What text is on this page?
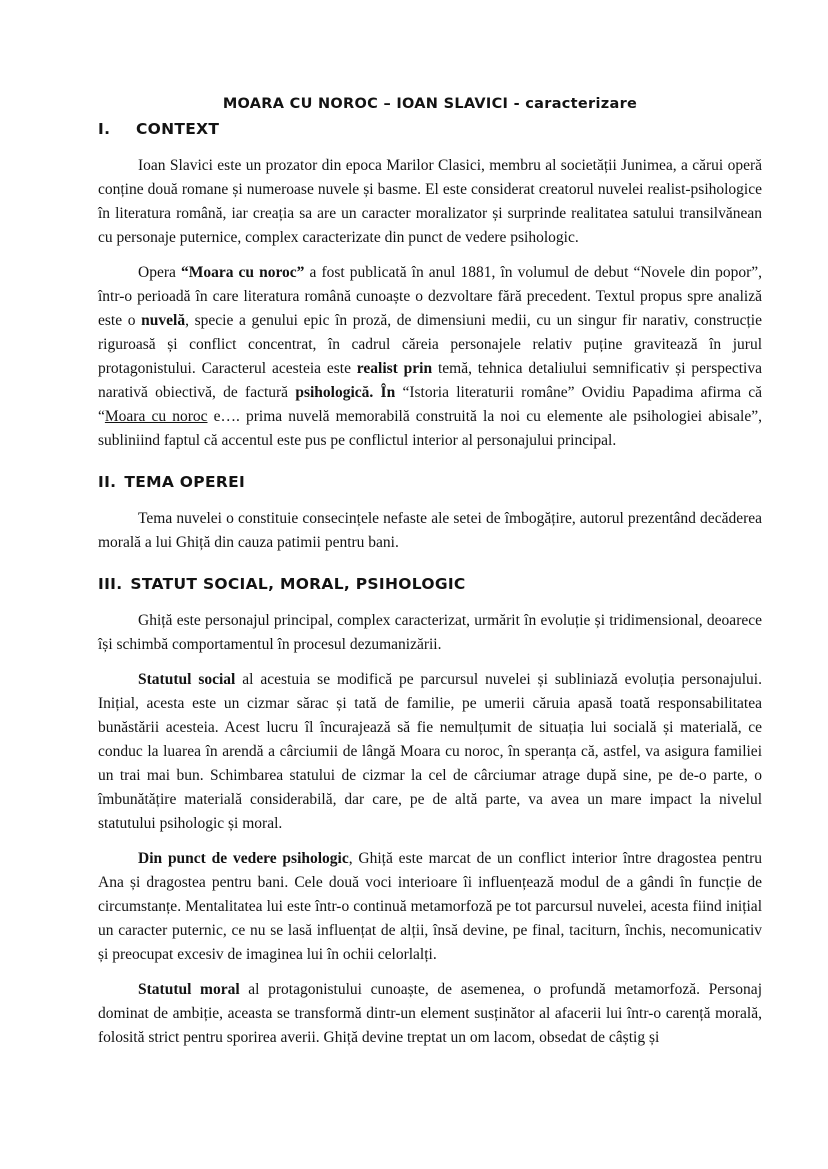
MOARA CU NOROC – IOAN SLAVICI - caracterizare
I. CONTEXT

Ioan Slavici este un prozator din epoca Marilor Clasici, membru al societății Junimea, a cărui operă conține două romane și numeroase nuvele și basme. El este considerat creatorul nuvelei realist-psihologice în literatura română, iar creația sa are un caracter moralizator și surprinde realitatea satului transilvănean cu personaje puternice, complex caracterizate din punct de vedere psihologic.

Opera “Moara cu noroc” a fost publicată în anul 1881, în volumul de debut “Novele din popor”, într-o perioadă în care literatura română cunoaște o dezvoltare fără precedent. Textul propus spre analiză este o nuvelă, specie a genului epic în proză, de dimensiuni medii, cu un singur fir narativ, construcție riguroasă și conflict concentrat, în cadrul căreia personajele relativ puține gravitează în jurul protagonistului. Caracterul acesteia este realist prin temă, tehnica detaliului semnificativ și perspectiva narativă obiectivă, de factură psihologică. În “Istoria literaturii române” Ovidiu Papadima afirma că “Moara cu noroc e…. prima nuvelă memorabilă construită la noi cu elemente ale psihologiei abisale”, subliniind faptul că accentul este pus pe conflictul interior al personajului principal.

II. TEMA OPEREI

Tema nuvelei o constituie consecințele nefaste ale setei de îmbogățire, autorul prezentând decăderea morală a lui Ghiță din cauza patimii pentru bani.

III. STATUT SOCIAL, MORAL, PSIHOLOGIC

Ghiță este personajul principal, complex caracterizat, urmărit în evoluție și tridimensional, deoarece își schimbă comportamentul în procesul dezumanizării.

Statutul social al acestuia se modifică pe parcursul nuvelei și subliniază evoluția personajului. Inițial, acesta este un cizmar sărac și tată de familie, pe umerii căruia apasă toată responsabilitatea bunăstării acesteia. Acest lucru îl încurajează să fie nemulțumit de situația lui socială și materială, ce conduc la luarea în arendă a cârciumii de lângă Moara cu noroc, în speranța că, astfel, va asigura familiei un trai mai bun. Schimbarea statului de cizmar la cel de cârciumar atrage după sine, pe de-o parte, o îmbunătățire materială considerabilă, dar care, pe de altă parte, va avea un mare impact la nivelul statutului psihologic și moral.

Din punct de vedere psihologic, Ghiță este marcat de un conflict interior între dragostea pentru Ana și dragostea pentru bani. Cele două voci interioare îi influențează modul de a gândi în funcție de circumstanțe. Mentalitatea lui este într-o continuă metamorfoză pe tot parcursul nuvelei, acesta fiind inițial un caracter puternic, ce nu se lasă influențat de alții, însă devine, pe final, taciturn, închis, necomunicativ și preocupat excesiv de imaginea lui în ochii celorlalți.

Statutul moral al protagonistului cunoaște, de asemenea, o profundă metamorfoză. Personaj dominat de ambiție, aceasta se transformă dintr-un element susținător al afacerii lui într-o carență morală, folosită strict pentru sporirea averii. Ghiță devine treptat un om lacom, obsedat de câștig și
